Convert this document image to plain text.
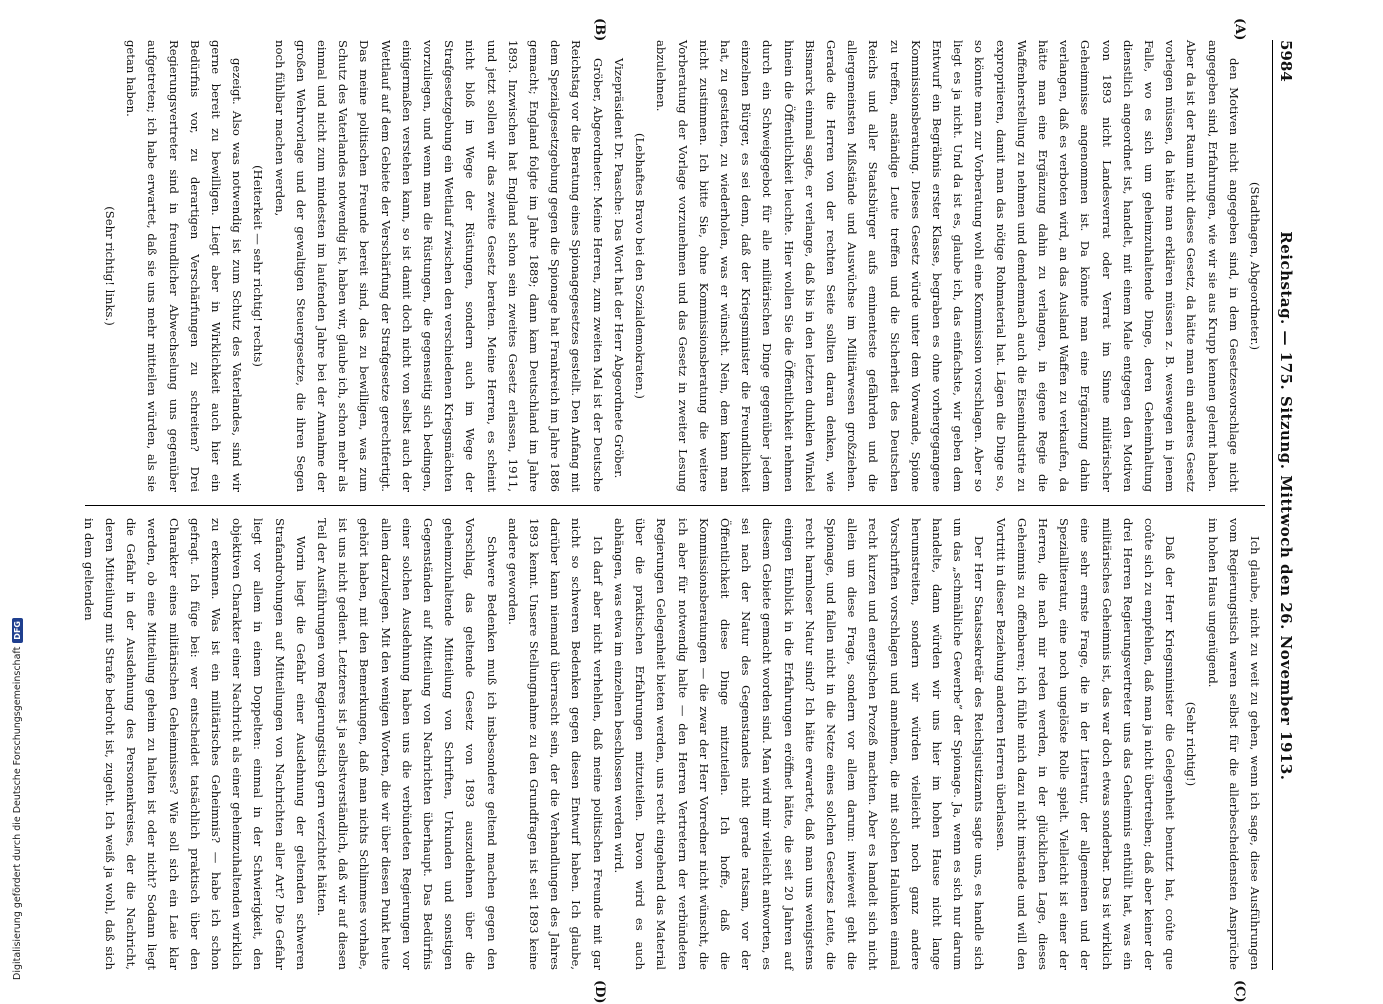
5984
Reichstag. — 175. Sitzung. Mittwoch den 26. November 1913.
(A)
(B)
(C)
(D)

(Stadthagen, Abgeordneter.)

den Motiven nicht angegeben sind, in dem Gesetzesvorschlage nicht angegeben sind, Erfahrungen, wie wir sie aus Krupp kennen gelernt haben. Aber da ist der Raum nicht dieses Gesetz, da hätte man ein anderes Gesetz vorlegen müssen, da hätte man erklären müssen z. B. weswegen in jenem Falle, wo es sich um geheimzuhaltende Dinge, deren Geheimhaltung dienstlich angeordnet ist, handelt, mit einem Male entgegen den Motiven von 1893 nicht Landesverrat oder Verrat im Sinne militärischer Geheimnisse angenommen ist. Da könnte man eine Ergänzung dahin verlangen, daß es verboten wird, an das Ausland Waffen zu verkaufen, da hätte man eine Ergänzung dahin zu verlangen, in eigene Regie die Waffenherstellung zu nehmen und demdemnach auch die Eisenindustrie zu expropriieren, damit man das nötige Rohmaterial hat. Lägen die Dinge so, so könnte man zur Vorberatung wohl eine Kommission vorschlagen. Aber so liegt es ja nicht. Und da ist es, glaube ich, das einfachste, wir geben dem Entwurf ein Begräbnis erster Klasse, begraben es ohne vorhergegangene Kommissionsberatung. Dieses Gesetz würde unter dem Vorwande, Spione zu treffen, anständige Leute treffen und die Sicherheit des Deutschen Reichs und aller Staatsbürger aufs eminenteste gefährden und die allergemeinsten Mißstände und Auswüchse im Militärwesen großziehen. Gerade die Herren von der rechten Seite sollten daran denken, wie Bismarck einmal sagte, er verlange, daß bis in den letzten dunklen Winkel hinein die Öffentlichkeit leuchte. Hier wollen Sie die Öffentlichkeit nehmen durch ein Schweigegebot für alle militärischen Dinge gegenüber jedem einzelnen Bürger, es sei denn, daß der Kriegsminister die Freundlichkeit hat, zu gestatten, zu wiederholen, was er wünscht. Nein, dem kann man nicht zustimmen. Ich bitte Sie, ohne Kommissionsberatung die weitere Vorberatung der Vorlage vorzunehmen und das Gesetz in zweiter Lesung abzulehnen.

(Lebhaftes Bravo bei den Sozialdemokraten.)

Vizepräsident Dr. Paasche: Das Wort hat der Herr Abgeordnete Gröber.

Gröber, Abgeordneter: Meine Herren, zum zweiten Mal ist der Deutsche Reichstag vor die Beratung eines Spionagegesetzes gestellt. Den Anfang mit dem Spezialgesetzgebung gegen die Spionage hat Frankreich im Jahre 1886 gemacht; England folgte im Jahre 1889; dann kam Deutschland im Jahre 1893. Inzwischen hat England schon sein zweites Gesetz erlassen, 1911, und jetzt sollen wir das zweite Gesetz beraten. Meine Herren, es scheint nicht bloß im Wege der Rüstungen, sondern auch im Wege der Strafgesetzgebung ein Wettlauf zwischen den verschiedenen Kriegsmächten vorzuliegen, und wenn man die Rüstungen, die gegenseitig sich bedingen, einigermaßen verstehen kann, so ist damit doch nicht von selbst auch der Wettlauf auf dem Gebiete der Verschärfung der Strafgesetze gerechtfertigt. Das meine politischen Freunde bereit sind, das zu bewilligen, was zum Schutz des Vaterlandes notwendig ist, haben wir, glaube ich, schon mehr als einmal und nicht zum mindesten im laufenden Jahre bei der Annahme der großen Wehrvorlage und der gewaltigen Steuergesetze, die ihren Segen noch fühlbar machen werden,

(Heiterkeit — sehr richtig! rechts)

gezeigt. Also was notwendig ist zum Schutz des Vaterlandes, sind wir gerne bereit zu bewilligen. Liegt aber in Wirklichkeit auch hier ein Bedürfnis vor, zu derartigen Verschärfungen zu schreiten? Drei Regierungsvertreter sind in freundlicher Abwechselung uns gegenüber aufgetreten; ich habe erwartet, daß sie uns mehr mitteilen würden, als sie getan haben.

(Sehr richtig! links.)

Ich glaube, nicht zu weit zu gehen, wenn ich sage, diese Ausführungen vom Regierungstisch waren selbst für die allerbescheidensten Ansprüche im hohen Haus ungenügend.

(Sehr richtig!)

Daß der Herr Kriegsminister die Gelegenheit benutzt hat, coûte que coûte sich zu empfehlen, daß man ja nicht übertreiben; daß aber keiner der drei Herren Regierungsvertreter uns das Geheimnis enthüllt hat, was ein militärisches Geheimnis ist, das war doch etwas sonderbar. Das ist wirklich eine sehr ernste Frage, die in der Literatur, der allgemeinen und der Spezialliteratur, eine noch ungelöste Rolle spielt. Vielleicht ist einer der Herren, die nach mir reden werden, in der glücklichen Lage, dieses Geheimnis zu offenbaren; ich fühle mich dazu nicht imstande und will den Vortritt in dieser Beziehung anderen Herren überlassen.

Der Herr Staatssekretär des Reichsjustizamts sagte uns, es handle sich um das „schmähliche Gewerbe“ der Spionage. Ja, wenn es sich nur darum handelte, dann würden wir uns hier im hohen Hause nicht lange herumstreiten, sondern wir würden vielleicht noch ganz andere Vorschriften vorschlagen und annehmen, die mit solchen Halunken einmal recht kurzen und energischen Prozeß machten. Aber es handelt sich nicht allein um diese Frage, sondern vor allem darum: inwieweit geht die Spionage, und fallen nicht in die Netze eines solchen Gesetzes Leute, die recht harmloser Natur sind? Ich hätte erwartet, daß man uns wenigstens einigen Einblick in die Erfahrungen eröffnet hätte, die seit 20 Jahren auf diesem Gebiete gemacht worden sind. Man wird mir vielleicht antworten, es sei nach der Natur des Gegenstandes nicht gerade ratsam, vor der Öffentlichkeit diese Dinge mitzuteilen. Ich hoffe, daß die Kommissionsberatungen — die zwar der Herr Vorredner nicht wünscht, die ich aber für notwendig halte — den Herren Vertretern der verbündeten Regierungen Gelegenheit bieten werden, uns recht eingehend das Material über die praktischen Erfahrungen mitzuteilen. Davon wird es auch abhängen, was etwa im einzelnen beschlossen werden wird.

Ich darf aber nicht verhehlen, daß meine politischen Freunde mit gar nicht so schweren Bedenken gegen diesen Entwurf haben. Ich glaube, darüber kann niemand überrascht sein, der die Verhandlungen des Jahres 1893 kennt. Unsere Stellungnahme zu den Grundfragen ist seit 1893 keine andere geworden.

Schwere Bedenken muß ich insbesondere geltend machen gegen den Vorschlag, das geltende Gesetz von 1893 auszudehnen über die geheimzuhaltende Mitteilung von Schriften, Urkunden und sonstigen Gegenständen auf Mitteilung von Nachrichten überhaupt. Das Bedürfnis einer solchen Ausdehnung haben uns die verbündeten Regierungen vor allem darzulegen. Mit den wenigen Worten, die wir über diesen Punkt heute gehört haben, mit den Bemerkungen, daß man nichts Schlimmes vorhabe, ist uns nicht gedient. Letzteres ist ja selbstverständlich, daß wir auf diesen Teil der Ausführungen vom Regierungstisch gern verzichtet hätten.

Worin liegt die Gefahr einer Ausdehnung der geltenden schweren Strafandrohungen auf Mitteilungen von Nachrichten aller Art? Die Gefahr liegt vor allem in einem Doppelten: einmal in der Schwierigkeit, den objektiven Charakter einer Nachricht als einer geheimzuhaltenden wirklich zu erkennen. Was ist ein militärisches Geheimnis? — habe ich schon gefragt. Ich füge bei: wer entscheidet tatsächlich praktisch über den Charakter eines militärischen Geheimnisses? Wie soll sich ein Laie klar werden, ob eine Mitteilung geheim zu halten ist oder nicht? Sodann liegt die Gefahr in der Ausdehnung des Personenkreises, der die Nachricht, deren Mitteilung mit Strafe bedroht ist, zugeht. Ich weiß ja wohl, daß sich in dem geltenden

Digitalisierung gefördert durch die Deutsche Forschungsgemeinschaft
DFG
